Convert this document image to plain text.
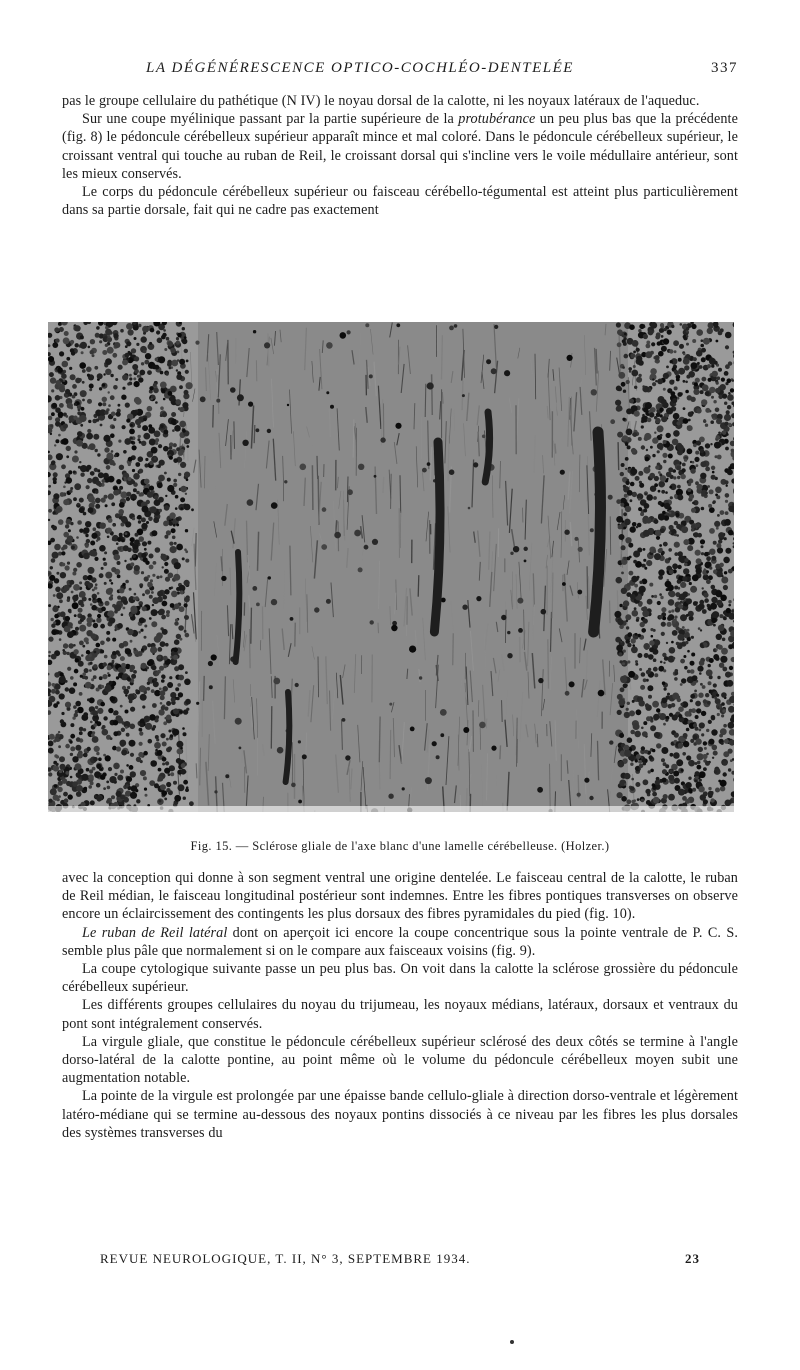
LA DÉGÉNÉRESCENCE OPTICO-COCHLÉO-DENTELÉE	337

pas le groupe cellulaire du pathétique (N IV) le noyau dorsal de la calotte, ni les noyaux latéraux de l'aqueduc.

Sur une coupe myélinique passant par la partie supérieure de la protubérance un peu plus bas que la précédente (fig. 8) le pédoncule cérébelleux supérieur apparaît mince et mal coloré. Dans le pédoncule cérébelleux supérieur, le croissant ventral qui touche au ruban de Reil, le croissant dorsal qui s'incline vers le voile médullaire antérieur, sont les mieux conservés.

Le corps du pédoncule cérébelleux supérieur ou faisceau cérébello-tégumental est atteint plus particulièrement dans sa partie dorsale, fait qui ne cadre pas exactement

Fig. 15. — Sclérose gliale de l'axe blanc d'une lamelle cérébelleuse. (Holzer.)

avec la conception qui donne à son segment ventral une origine dentelée. Le faisceau central de la calotte, le ruban de Reil médian, le faisceau longitudinal postérieur sont indemnes. Entre les fibres pontiques transverses on observe encore un éclaircissement des contingents les plus dorsaux des fibres pyramidales du pied (fig. 10).

Le ruban de Reil latéral dont on aperçoit ici encore la coupe concentrique sous la pointe ventrale de P. C. S. semble plus pâle que normalement si on le compare aux faisceaux voisins (fig. 9).

La coupe cytologique suivante passe un peu plus bas. On voit dans la calotte la sclérose grossière du pédoncule cérébelleux supérieur.

Les différents groupes cellulaires du noyau du trijumeau, les noyaux médians, latéraux, dorsaux et ventraux du pont sont intégralement conservés.

La virgule gliale, que constitue le pédoncule cérébelleux supérieur sclérosé des deux côtés se termine à l'angle dorso-latéral de la calotte pontine, au point même où le volume du pédoncule cérébelleux moyen subit une augmentation notable.

La pointe de la virgule est prolongée par une épaisse bande cellulo-gliale à direction dorso-ventrale et légèrement latéro-médiane qui se termine au-dessous des noyaux pontins dissociés à ce niveau par les fibres les plus dorsales des systèmes transverses du

REVUE NEUROLOGIQUE, T. II, N° 3, SEPTEMBRE 1934.	23
